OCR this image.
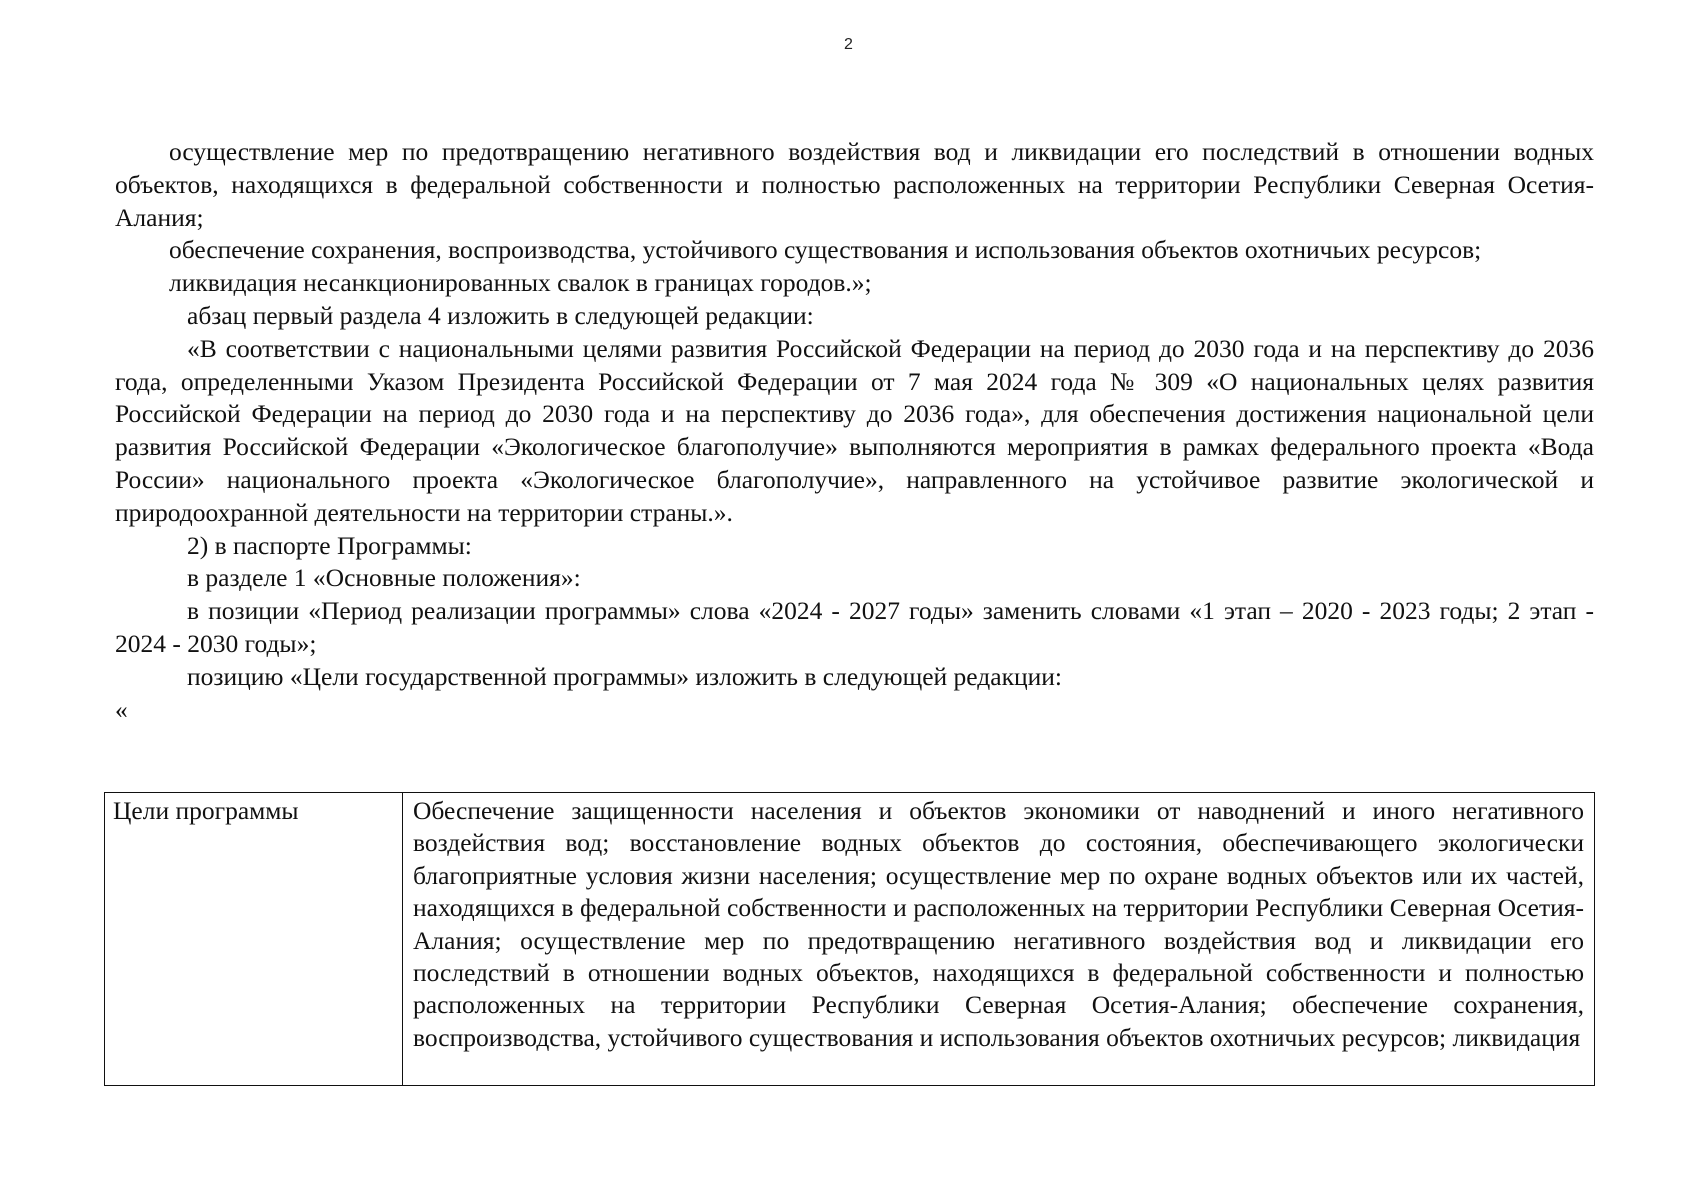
2

осуществление мер по предотвращению негативного воздействия вод и ликвидации его последствий в отношении водных объектов, находящихся в федеральной собственности и полностью расположенных на территории Республики Северная Осетия-Алания;

обеспечение сохранения, воспроизводства, устойчивого существования и использования объектов охотничьих ресурсов;

ликвидация несанкционированных свалок в границах городов.»;

абзац первый раздела 4 изложить в следующей редакции:

«В соответствии с национальными целями развития Российской Федерации на период до 2030 года и на перспективу до 2036 года, определенными Указом Президента Российской Федерации от 7 мая 2024 года № 309 «О национальных целях развития Российской Федерации на период до 2030 года и на перспективу до 2036 года», для обеспечения достижения национальной цели развития Российской Федерации «Экологическое благополучие» выполняются мероприятия в рамках федерального проекта «Вода России» национального проекта «Экологическое благополучие», направленного на устойчивое развитие экологической и природоохранной деятельности на территории страны.».

2) в паспорте Программы:

в разделе 1 «Основные положения»:

в позиции «Период реализации программы» слова «2024 - 2027 годы» заменить словами «1 этап – 2020 - 2023 годы; 2 этап - 2024 - 2030 годы»;

позицию «Цели государственной программы» изложить в следующей редакции:

«

Цели программы	Обеспечение защищенности населения и объектов экономики от наводнений и иного негативного воздействия вод; восстановление водных объектов до состояния, обеспечивающего экологически благоприятные условия жизни населения; осуществление мер по охране водных объектов или их частей, находящихся в федеральной собственности и расположенных на территории Республики Северная Осетия-Алания; осуществление мер по предотвращению негативного воздействия вод и ликвидации его последствий в отношении водных объектов, находящихся в федеральной собственности и полностью расположенных на территории Республики Северная Осетия-Алания; обеспечение сохранения, воспроизводства, устойчивого существования и использования объектов охотничьих ресурсов; ликвидация
